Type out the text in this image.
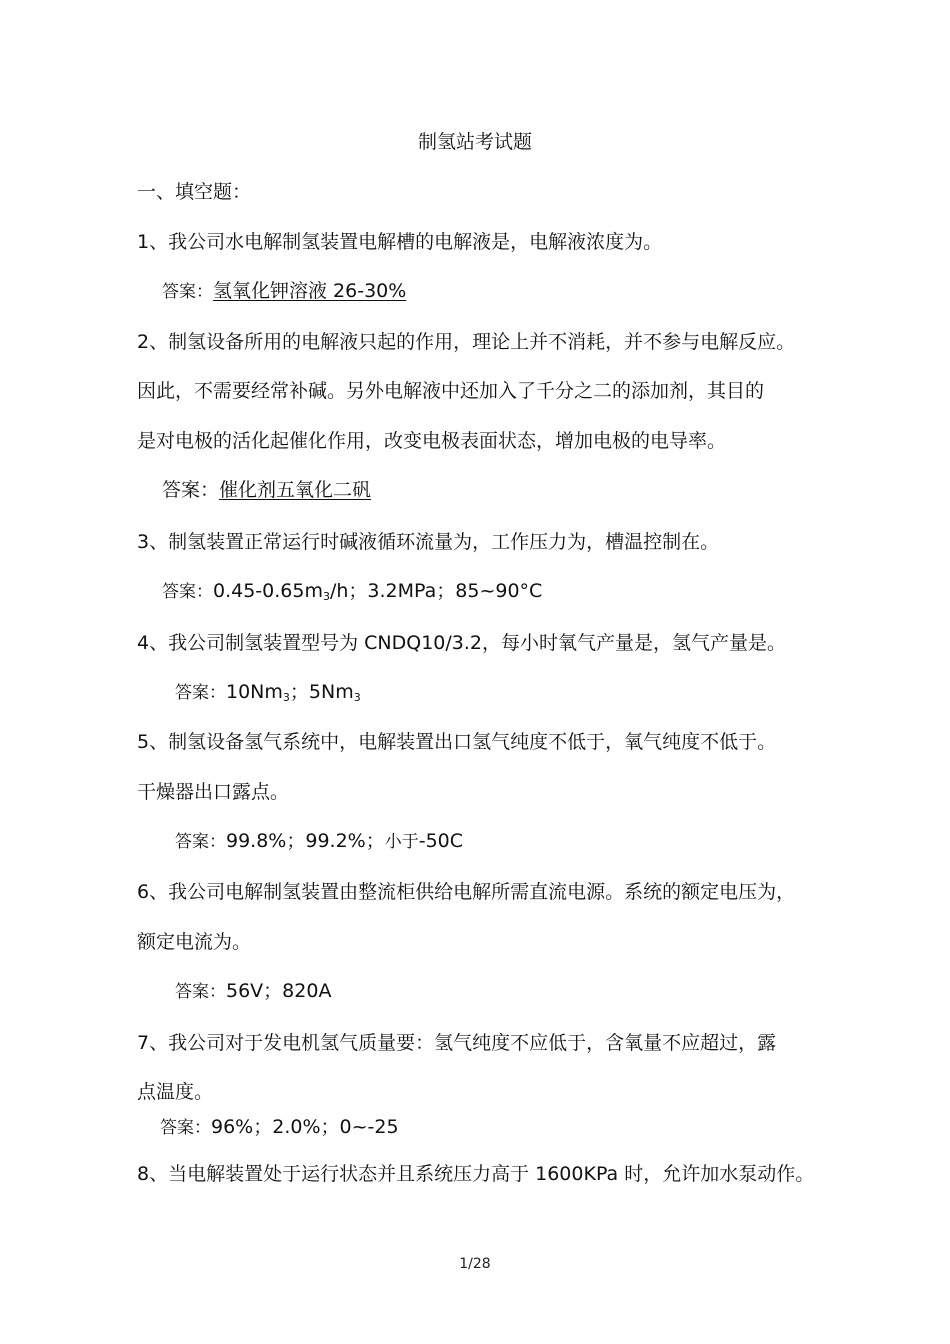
制氢站考试题
一、填空题：
1、我公司水电解制氢装置电解槽的电解液是，电解液浓度为。
答案：氢氧化钾溶液 26-30%
2、制氢设备所用的电解液只起的作用，理论上并不消耗，并不参与电解反应。
因此，不需要经常补碱。另外电解液中还加入了千分之二的添加剂，其目的
是对电极的活化起催化作用，改变电极表面状态，增加电极的电导率。
答案：催化剂五氧化二矾
3、制氢装置正常运行时碱液循环流量为，工作压力为，槽温控制在。
答案：$0.45-0.65m_3/h$；3.2MPa；85~90°C
4、我公司制氢装置型号为 CNDQ10/3.2，每小时氧气产量是，氢气产量是。
答案：$10Nm_3$；$5Nm_3$
5、制氢设备氢气系统中，电解装置出口氢气纯度不低于，氧气纯度不低于。
干燥器出口露点。
答案：99.8%；99.2%；小于-50C
6、我公司电解制氢装置由整流柜供给电解所需直流电源。系统的额定电压为，
额定电流为。
答案：56V；820A
7、我公司对于发电机氢气质量要：氢气纯度不应低于，含氧量不应超过，露
点温度。
答案：96%；2.0%；0~-25
8、当电解装置处于运行状态并且系统压力高于 1600KPa 时，允许加水泵动作。
1/28
